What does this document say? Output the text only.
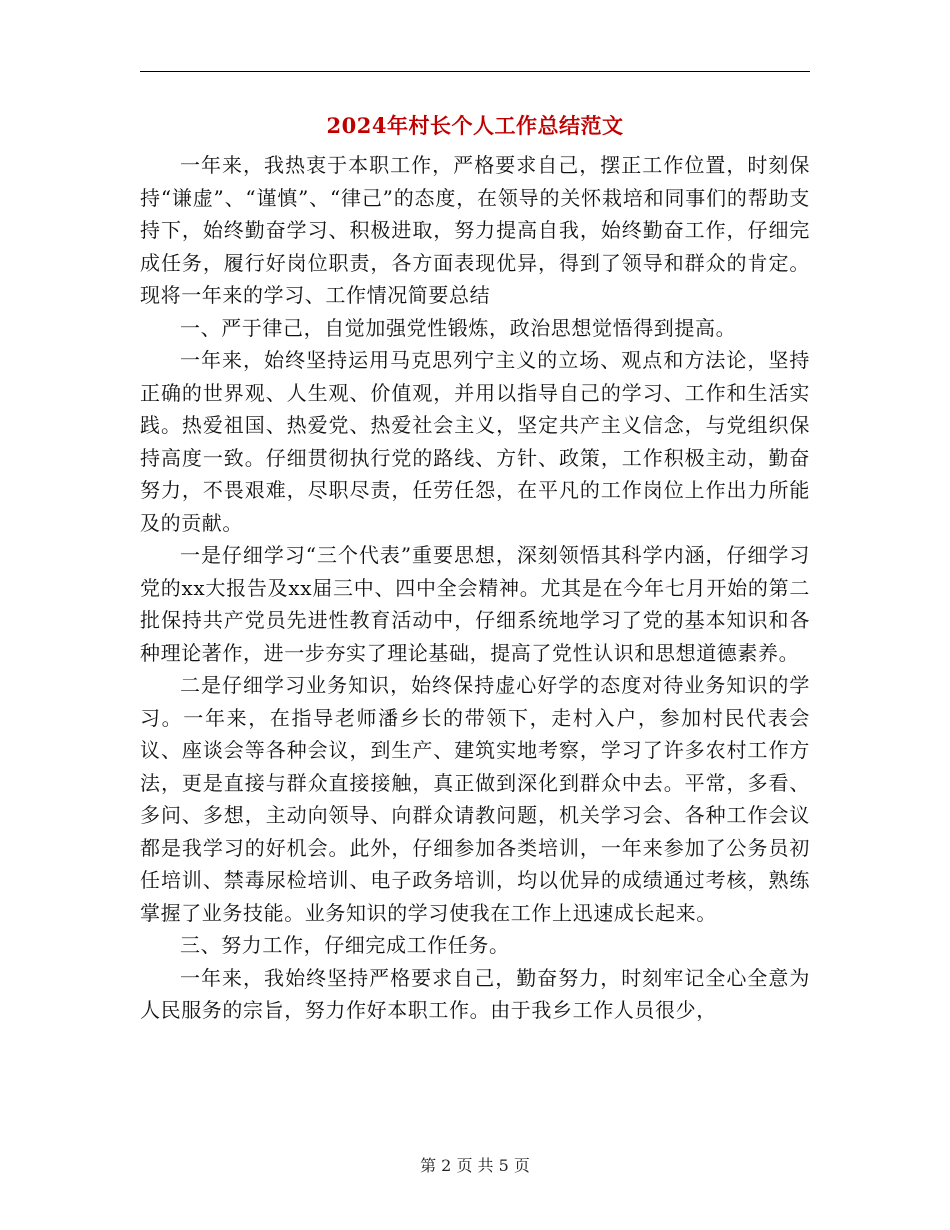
2024年村长个人工作总结范文

一年来，我热衷于本职工作，严格要求自己，摆正工作位置，时刻保持“谦虚”、“谨慎”、“律己”的态度，在领导的关怀栽培和同事们的帮助支持下，始终勤奋学习、积极进取，努力提高自我，始终勤奋工作，仔细完成任务，履行好岗位职责，各方面表现优异，得到了领导和群众的肯定。现将一年来的学习、工作情况简要总结

一、严于律己，自觉加强党性锻炼，政治思想觉悟得到提高。

一年来，始终坚持运用马克思列宁主义的立场、观点和方法论，坚持正确的世界观、人生观、价值观，并用以指导自己的学习、工作和生活实践。热爱祖国、热爱党、热爱社会主义，坚定共产主义信念，与党组织保持高度一致。仔细贯彻执行党的路线、方针、政策，工作积极主动，勤奋努力，不畏艰难，尽职尽责，任劳任怨，在平凡的工作岗位上作出力所能及的贡献。

一是仔细学习“三个代表”重要思想，深刻领悟其科学内涵，仔细学习党的xx大报告及xx届三中、四中全会精神。尤其是在今年七月开始的第二批保持共产党员先进性教育活动中，仔细系统地学习了党的基本知识和各种理论著作，进一步夯实了理论基础，提高了党性认识和思想道德素养。

二是仔细学习业务知识，始终保持虚心好学的态度对待业务知识的学习。一年来，在指导老师潘乡长的带领下，走村入户，参加村民代表会议、座谈会等各种会议，到生产、建筑实地考察，学习了许多农村工作方法，更是直接与群众直接接触，真正做到深化到群众中去。平常，多看、多问、多想，主动向领导、向群众请教问题，机关学习会、各种工作会议都是我学习的好机会。此外，仔细参加各类培训，一年来参加了公务员初任培训、禁毒尿检培训、电子政务培训，均以优异的成绩通过考核，熟练掌握了业务技能。业务知识的学习使我在工作上迅速成长起来。

三、努力工作，仔细完成工作任务。

一年来，我始终坚持严格要求自己，勤奋努力，时刻牢记全心全意为人民服务的宗旨，努力作好本职工作。由于我乡工作人员很少，

第 2 页 共 5 页
